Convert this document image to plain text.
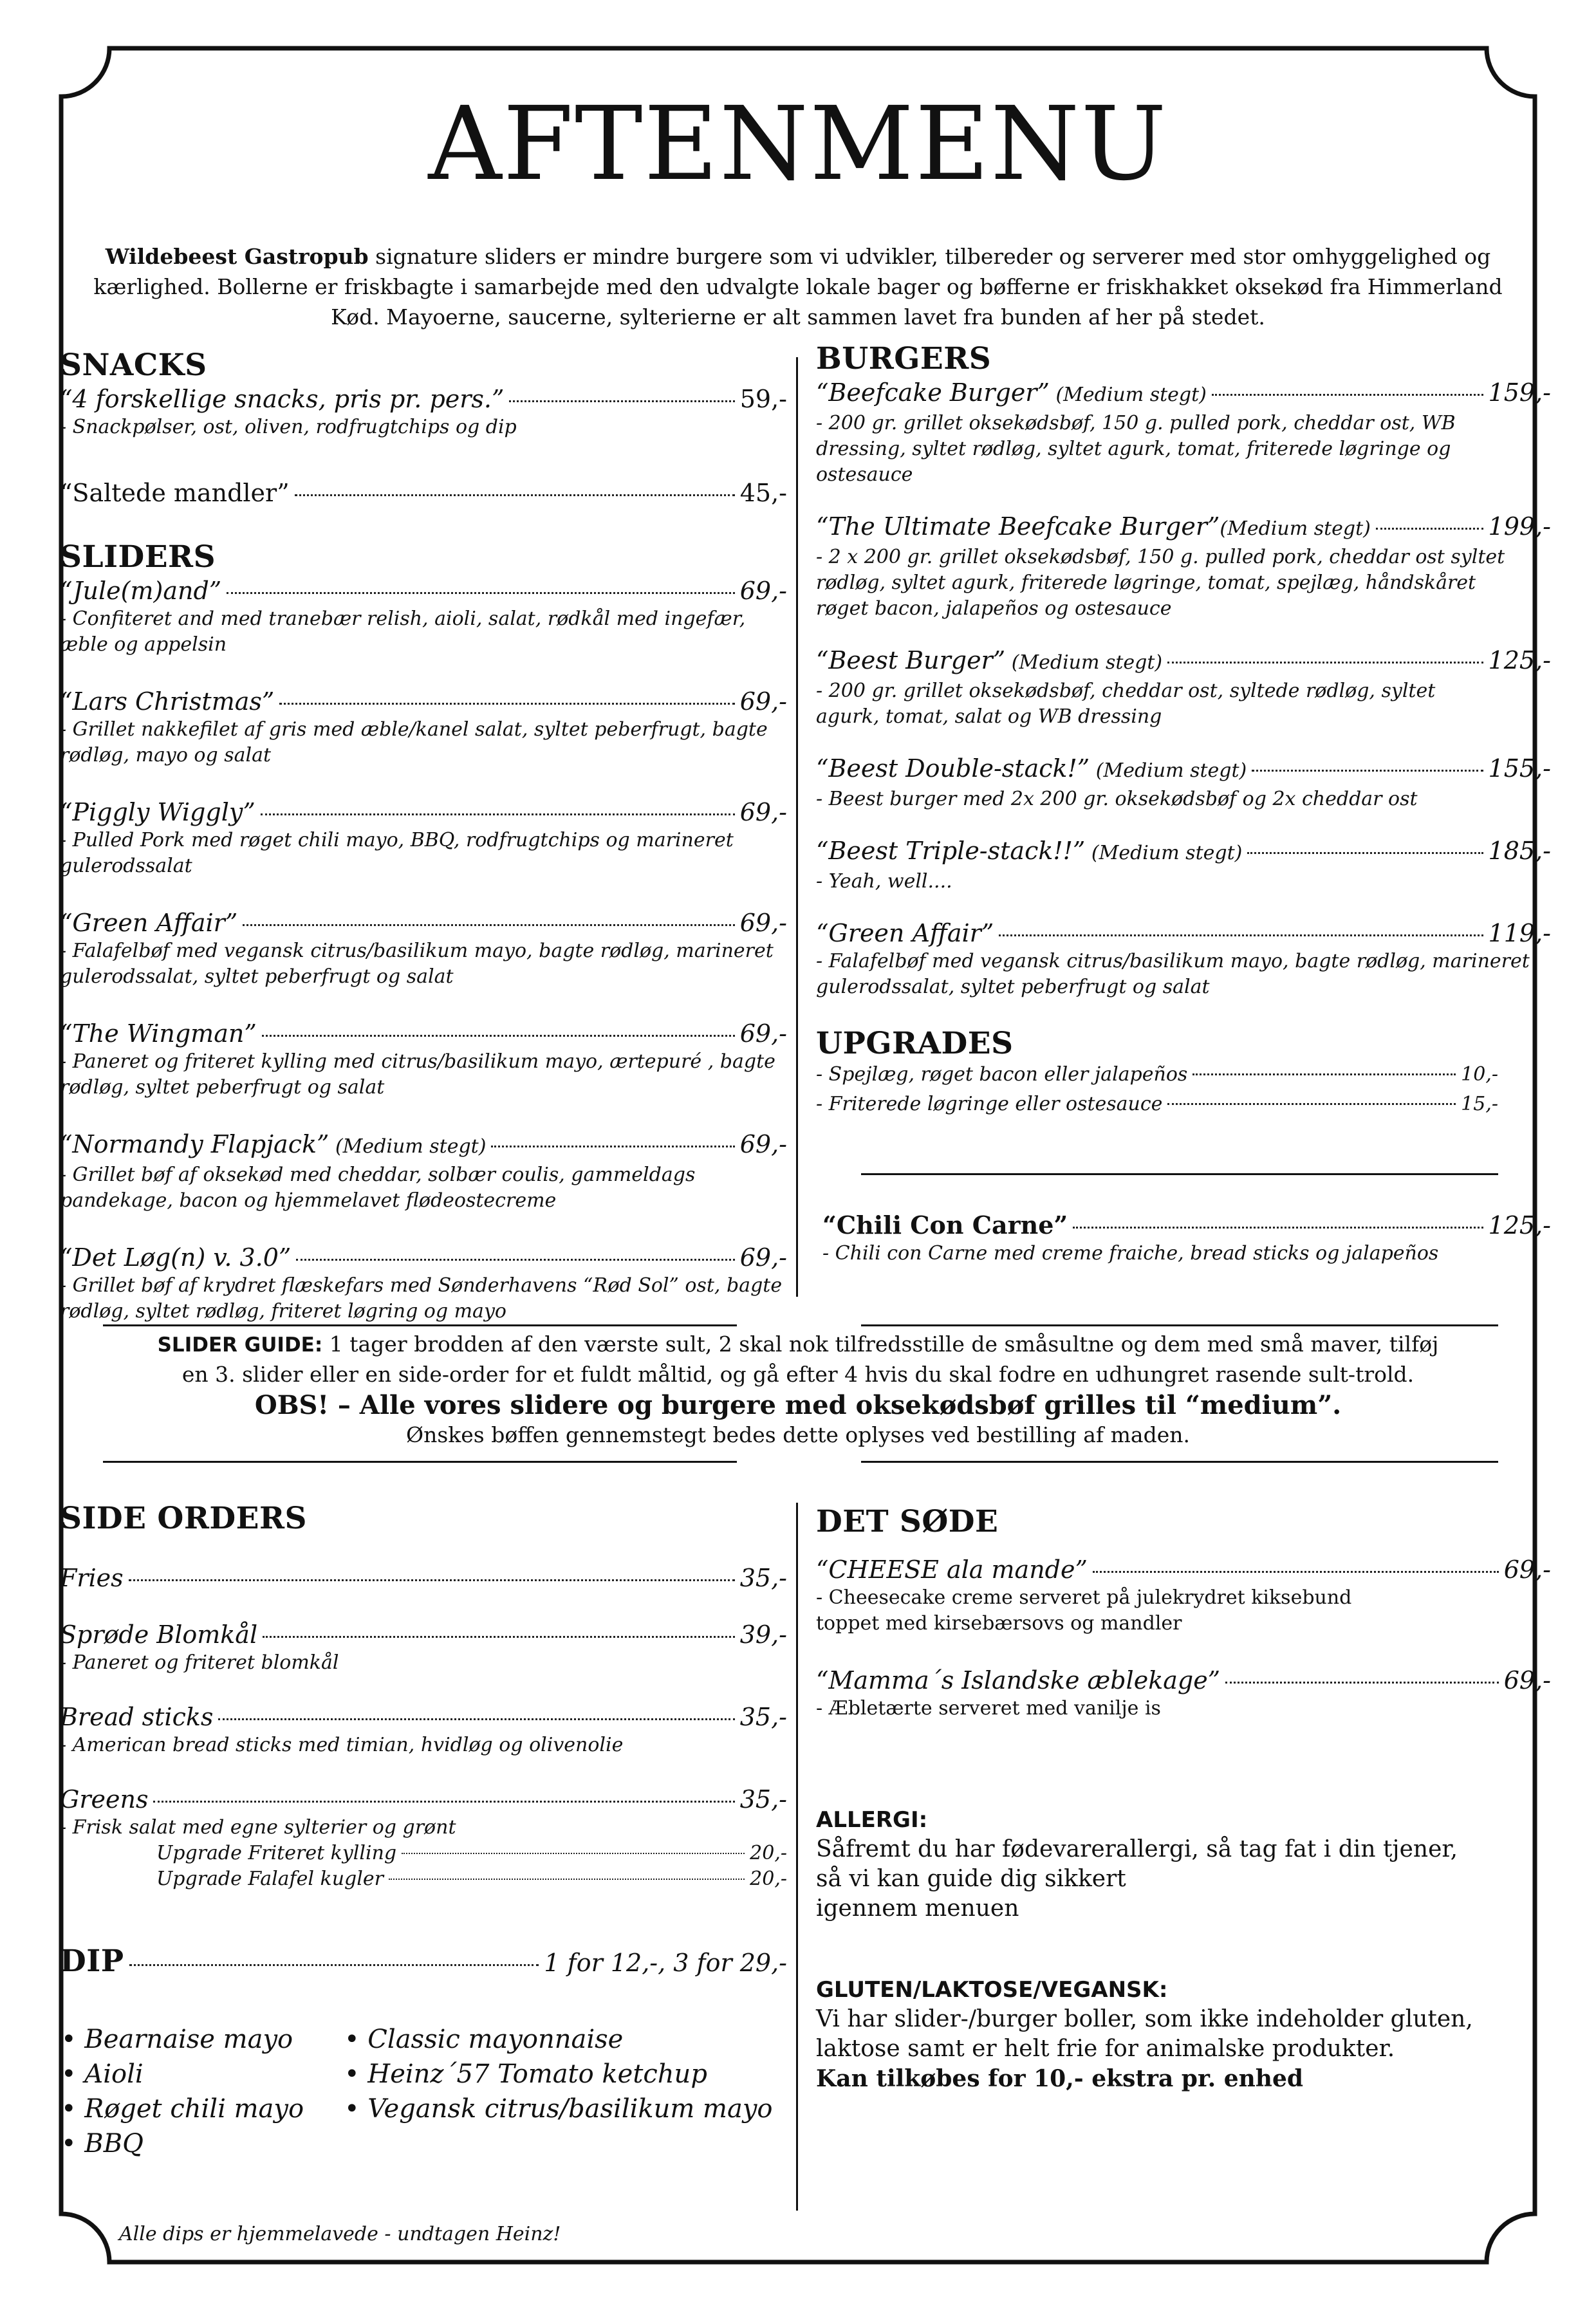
AFTENMENU
Wildebeest Gastropub signature sliders er mindre burgere som vi udvikler, tilbereder og serverer med stor omhyggelighed og kærlighed. Bollerne er friskbagte i samarbejde med den udvalgte lokale bager og bøfferne er friskhakket oksekød fra Himmerland Kød. Mayoerne, saucerne, sylterierne er alt sammen lavet fra bunden af her på stedet.
SNACKS
“4 forskellige snacks, pris pr. pers.”	59,-
- Snackpølser, ost, oliven, rodfrugtchips og dip
“Saltede mandler”	45,-
SLIDERS
“Jule(m)and”	69,-
- Confiteret and med tranebær relish, aioli, salat, rødkål med ingefær, æble og appelsin
“Lars Christmas”	69,-
- Grillet nakkefilet af gris med æble/kanel salat, syltet peberfrugt, bagte rødløg, mayo og salat
“Piggly Wiggly”	69,-
- Pulled Pork med røget chili mayo, BBQ, rodfrugtchips og marineret gulerodssalat
“Green Affair”	69,-
- Falafelbøf med vegansk citrus/basilikum mayo, bagte rødløg, marineret gulerodssalat, syltet peberfrugt og salat
“The Wingman”	69,-
- Paneret og friteret kylling med citrus/basilikum mayo, ærtepuré , bagte rødløg, syltet peberfrugt og salat
“Normandy Flapjack” (Medium stegt)	69,-
- Grillet bøf af oksekød med cheddar, solbær coulis, gammeldags pandekage, bacon og hjemmelavet flødeostecreme
“Det Løg(n) v. 3.0”	69,-
- Grillet bøf af krydret flæskefars med Sønderhavens “Rød Sol” ost, bagte rødløg, syltet rødløg, friteret løgring og mayo
BURGERS
“Beefcake Burger” (Medium stegt)	159,-
- 200 gr. grillet oksekødsbøf, 150 g. pulled pork, cheddar ost, WB dressing, syltet rødløg, syltet agurk, tomat, friterede løgringe og ostesauce
“The Ultimate Beefcake Burger”(Medium stegt)	199,-
- 2 x 200 gr. grillet oksekødsbøf, 150 g. pulled pork, cheddar ost syltet rødløg, syltet agurk, friterede løgringe, tomat, spejlæg, håndskåret røget bacon, jalapeños og ostesauce
“Beest Burger” (Medium stegt)	125,-
- 200 gr. grillet oksekødsbøf, cheddar ost, syltede rødløg, syltet agurk, tomat, salat og WB dressing
“Beest Double-stack!” (Medium stegt)	155,-
- Beest burger med 2x 200 gr. oksekødsbøf og 2x cheddar ost
“Beest Triple-stack!!” (Medium stegt)	185,-
- Yeah, well....
“Green Affair”	119,-
- Falafelbøf med vegansk citrus/basilikum mayo, bagte rødløg, marineret gulerodssalat, syltet peberfrugt og salat
UPGRADES
- Spejlæg, røget bacon eller jalapeños	10,-
- Friterede løgringe eller ostesauce	15,-
“Chili Con Carne”	125,-
- Chili con Carne med creme fraiche, bread sticks og jalapeños
SLIDER GUIDE: 1 tager brodden af den værste sult, 2 skal nok tilfredsstille de småsultne og dem med små maver, tilføj
en 3. slider eller en side-order for et fuldt måltid, og gå efter 4 hvis du skal fodre en udhungret rasende sult-trold.
OBS! – Alle vores slidere og burgere med oksekødsbøf grilles til “medium”.
Ønskes bøffen gennemstegt bedes dette oplyses ved bestilling af maden.
SIDE ORDERS
Fries	35,-
Sprøde Blomkål	39,-
- Paneret og friteret blomkål
Bread sticks	35,-
- American bread sticks med timian, hvidløg og olivenolie
Greens	35,-
- Frisk salat med egne sylterier og grønt
Upgrade Friteret kylling	20,-
Upgrade Falafel kugler	20,-
DIP	1 for 12,-, 3 for 29,-
• Bearnaise mayo
• Aioli
• Røget chili mayo
• BBQ
• Classic mayonnaise
• Heinz´57 Tomato ketchup
• Vegansk citrus/basilikum mayo
Alle dips er hjemmelavede - undtagen Heinz!
DET SØDE
“CHEESE ala mande”	69,-
- Cheesecake creme serveret på julekrydret kiksebund toppet med kirsebærsovs og mandler
“Mamma´s Islandske æblekage”	69,-
- Æbletærte serveret med vanilje is
ALLERGI:
Såfremt du har fødevarerallergi, så tag fat i din tjener,
så vi kan guide dig sikkert
igennem menuen
GLUTEN/LAKTOSE/VEGANSK:
Vi har slider-/burger boller, som ikke indeholder gluten,
laktose samt er helt frie for animalske produkter.
Kan tilkøbes for 10,- ekstra pr. enhed
